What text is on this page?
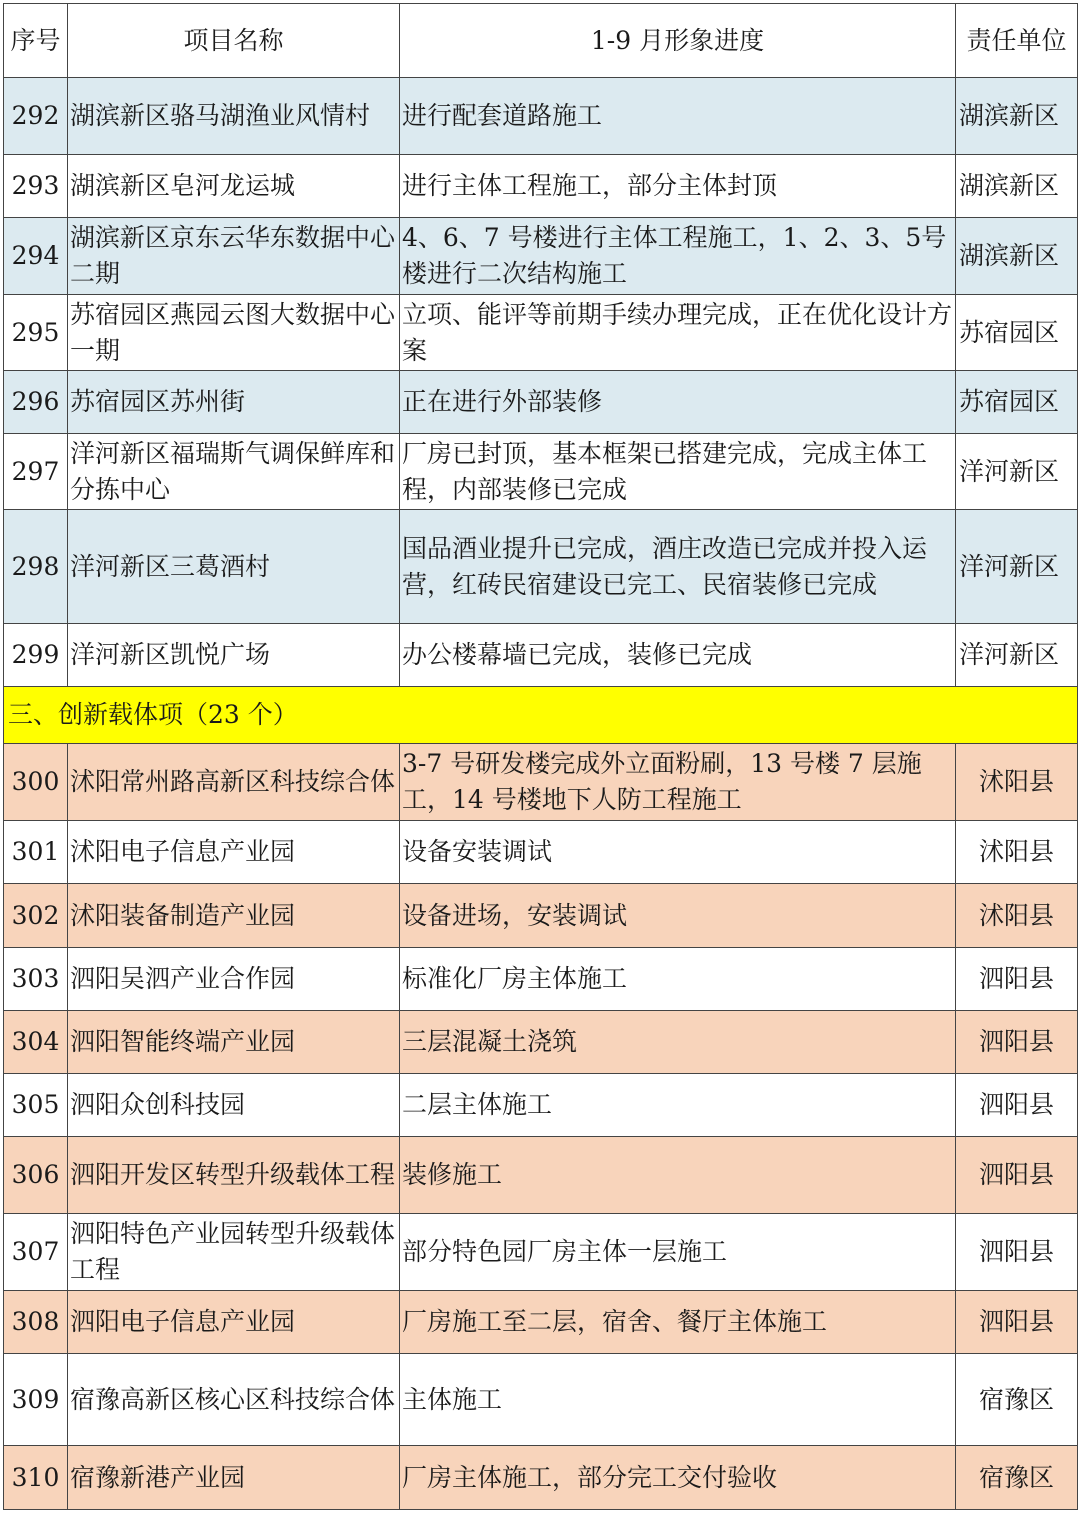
序号	项目名称	1-9 月形象进度	责任单位
292	湖滨新区骆马湖渔业风情村	进行配套道路施工	湖滨新区
293	湖滨新区皂河龙运城	进行主体工程施工，部分主体封顶	湖滨新区
294	湖滨新区京东云华东数据中心二期	4、6、7 号楼进行主体工程施工，1、2、3、5号楼进行二次结构施工	湖滨新区
295	苏宿园区燕园云图大数据中心一期	立项、能评等前期手续办理完成，正在优化设计方案	苏宿园区
296	苏宿园区苏州街	正在进行外部装修	苏宿园区
297	洋河新区福瑞斯气调保鲜库和分拣中心	厂房已封顶，基本框架已搭建完成，完成主体工程，内部装修已完成	洋河新区
298	洋河新区三葛酒村	国品酒业提升已完成，酒庄改造已完成并投入运营，红砖民宿建设已完工、民宿装修已完成	洋河新区
299	洋河新区凯悦广场	办公楼幕墙已完成，装修已完成	洋河新区
三、创新载体项（23 个）			
300	沭阳常州路高新区科技综合体	3-7 号研发楼完成外立面粉刷，13 号楼 7 层施工，14 号楼地下人防工程施工	沭阳县
301	沭阳电子信息产业园	设备安装调试	沭阳县
302	沭阳装备制造产业园	设备进场，安装调试	沭阳县
303	泗阳吴泗产业合作园	标准化厂房主体施工	泗阳县
304	泗阳智能终端产业园	三层混凝土浇筑	泗阳县
305	泗阳众创科技园	二层主体施工	泗阳县
306	泗阳开发区转型升级载体工程	装修施工	泗阳县
307	泗阳特色产业园转型升级载体工程	部分特色园厂房主体一层施工	泗阳县
308	泗阳电子信息产业园	厂房施工至二层，宿舍、餐厅主体施工	泗阳县
309	宿豫高新区核心区科技综合体	主体施工	宿豫区
310	宿豫新港产业园	厂房主体施工，部分完工交付验收	宿豫区
